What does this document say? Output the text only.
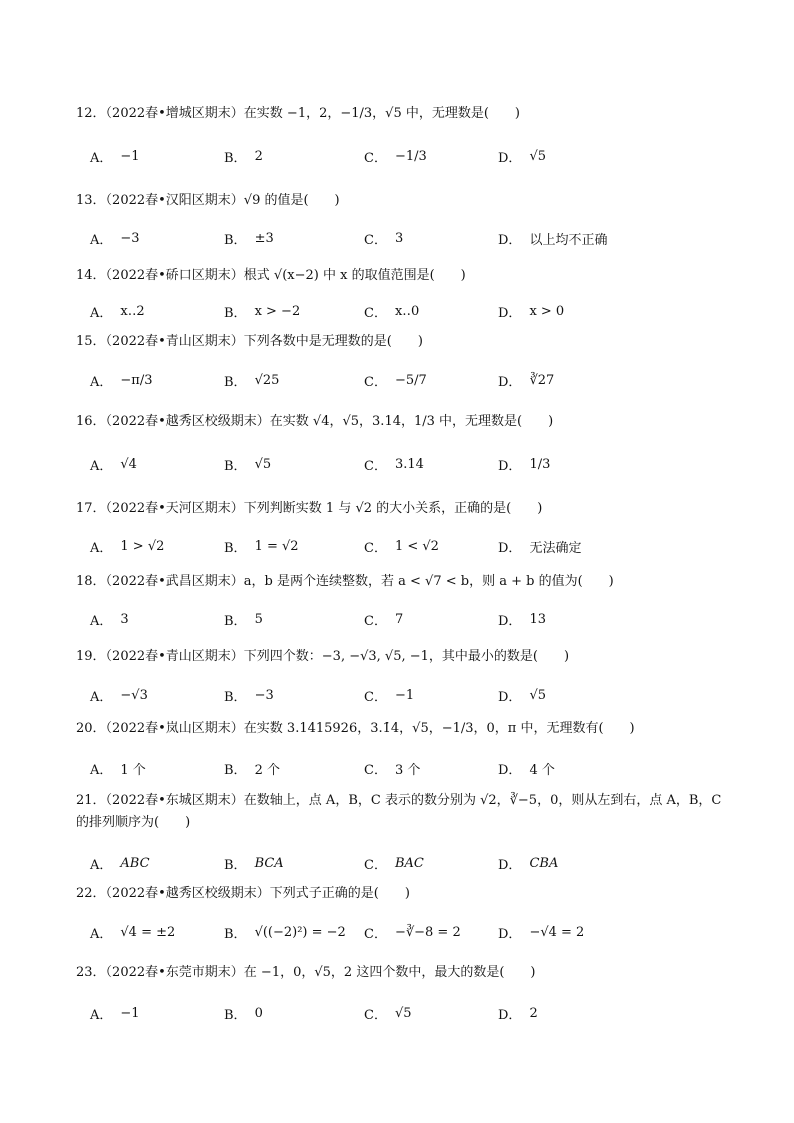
12．（2022春•增城区期末）在实数 −1，2，−1/3，√5 中，无理数是(　　)
A． −1	B． 2	C． −1/3	D． √5
13．（2022春•汉阳区期末）√9 的值是(　　)
A． −3	B． ±3	C． 3	D． 以上均不正确
14．（2022春•硚口区期末）根式 √(x−2) 中 x 的取值范围是(　　)
A． x‥2	B． x > −2	C． x‥0	D． x > 0
15．（2022春•青山区期末）下列各数中是无理数的是(　　)
A． −π/3	B． √25	C． −5/7	D． ∛27
16．（2022春•越秀区校级期末）在实数 √4，√5，3.14，1/3 中，无理数是(　　)
A． √4	B． √5	C． 3.14	D． 1/3
17．（2022春•天河区期末）下列判断实数 1 与 √2 的大小关系，正确的是(　　)
A． 1 > √2	B． 1 = √2	C． 1 < √2	D． 无法确定
18．（2022春•武昌区期末）a，b 是两个连续整数，若 a < √7 < b，则 a + b 的值为(　　)
A． 3	B． 5	C． 7	D． 13
19．（2022春•青山区期末）下列四个数：−3, −√3, √5, −1，其中最小的数是(　　)
A． −√3	B． −3	C． −1	D． √5
20．（2022春•岚山区期末）在实数 3.1415926，3.1̇4̇，√5，−1/3，0，π 中，无理数有(　　)
A． 1 个	B． 2 个	C． 3 个	D． 4 个
21．（2022春•东城区期末）在数轴上，点 A，B，C 表示的数分别为 √2，∛−5，0，则从左到右，点 A，B，C 的排列顺序为(　　)
A． ABC	B． BCA	C． BAC	D． CBA
22．（2022春•越秀区校级期末）下列式子正确的是(　　)
A． √4 = ±2	B． √((−2)²) = −2 C． −∛−8 = 2	D． −√4 = 2
23．（2022春•东莞市期末）在 −1，0，√5，2 这四个数中，最大的数是(　　)
A． −1	B． 0	C． √5	D． 2
